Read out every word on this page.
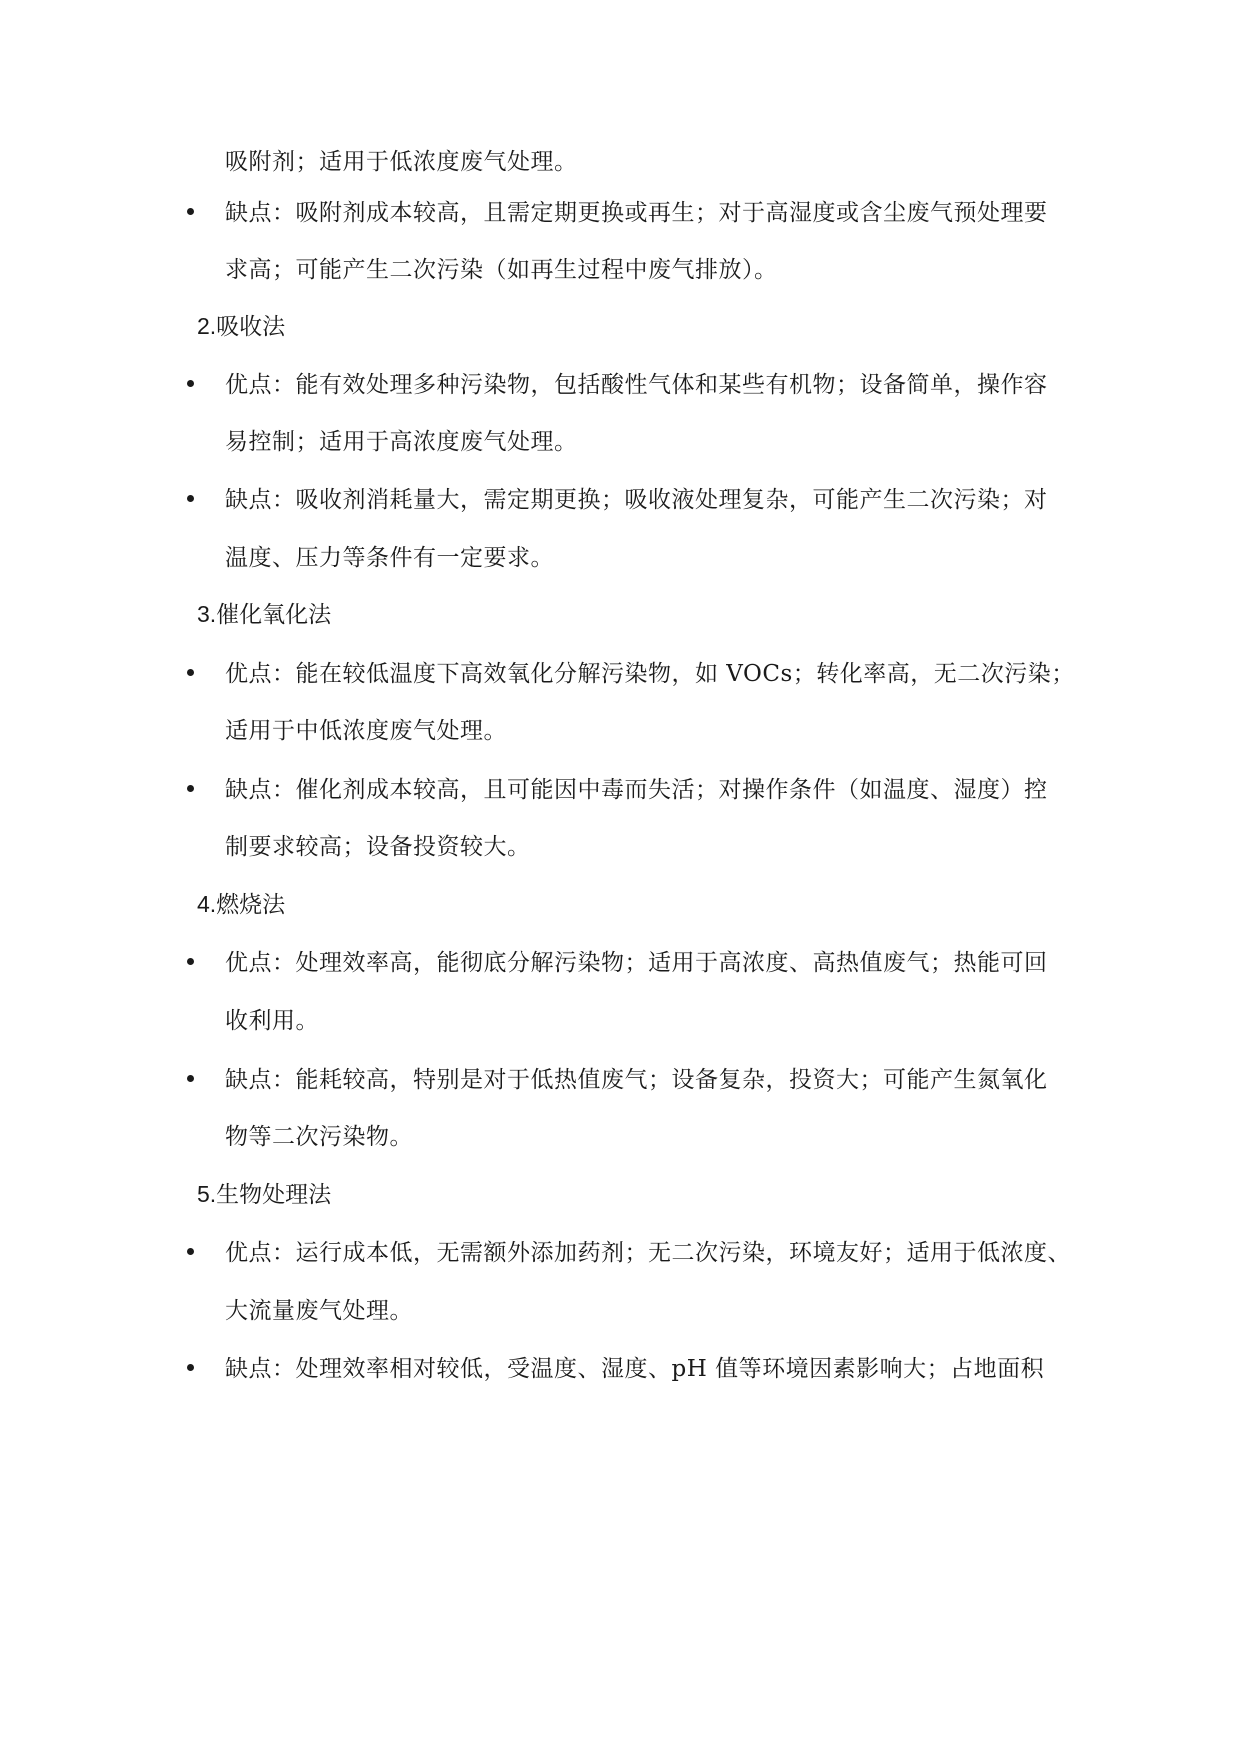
吸附剂；适用于低浓度废气处理。
缺点：吸附剂成本较高，且需定期更换或再生；对于高湿度或含尘废气预处理要
求高；可能产生二次污染（如再生过程中废气排放）。
2.吸收法
优点：能有效处理多种污染物，包括酸性气体和某些有机物；设备简单，操作容
易控制；适用于高浓度废气处理。
缺点：吸收剂消耗量大，需定期更换；吸收液处理复杂，可能产生二次污染；对
温度、压力等条件有一定要求。
3.催化氧化法
优点：能在较低温度下高效氧化分解污染物，如 VOCs；转化率高，无二次污染；
适用于中低浓度废气处理。
缺点：催化剂成本较高，且可能因中毒而失活；对操作条件（如温度、湿度）控
制要求较高；设备投资较大。
4.燃烧法
优点：处理效率高，能彻底分解污染物；适用于高浓度、高热值废气；热能可回
收利用。
缺点：能耗较高，特别是对于低热值废气；设备复杂，投资大；可能产生氮氧化
物等二次污染物。
5.生物处理法
优点：运行成本低，无需额外添加药剂；无二次污染，环境友好；适用于低浓度、
大流量废气处理。
缺点：处理效率相对较低，受温度、湿度、pH 值等环境因素影响大；占地面积
